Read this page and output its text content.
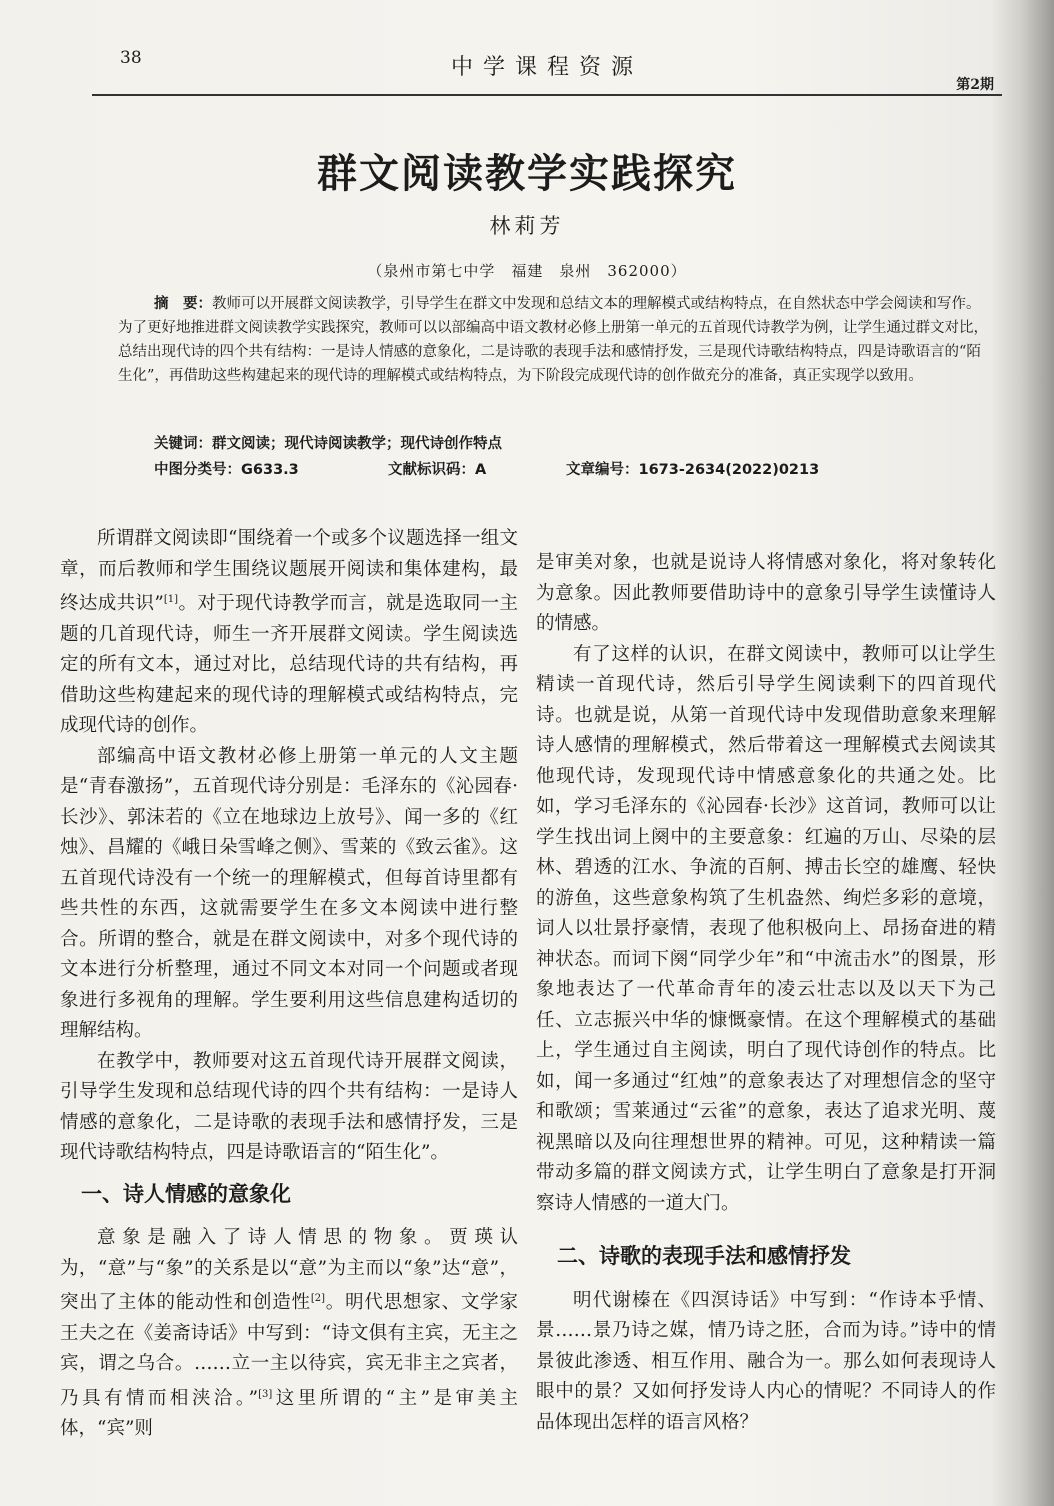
38	中学课程资源
第2期
群文阅读教学实践探究
林莉芳
（泉州市第七中学　福建　泉州　362000）

摘　要：教师可以开展群文阅读教学，引导学生在群文中发现和总结文本的理解模式或结构特点，在自然状态中学会阅读和写作。为了更好地推进群文阅读教学实践探究，教师可以以部编高中语文教材必修上册第一单元的五首现代诗教学为例，让学生通过群文对比，总结出现代诗的四个共有结构：一是诗人情感的意象化，二是诗歌的表现手法和感情抒发，三是现代诗歌结构特点，四是诗歌语言的“陌生化”，再借助这些构建起来的现代诗的理解模式或结构特点，为下阶段完成现代诗的创作做充分的准备，真正实现学以致用。

关键词：群文阅读；现代诗阅读教学；现代诗创作特点
中图分类号：G633.3	文献标识码：A	文章编号：1673-2634(2022)0213

所谓群文阅读即“围绕着一个或多个议题选择一组文章，而后教师和学生围绕议题展开阅读和集体建构，最终达成共识”[1]。对于现代诗教学而言，就是选取同一主题的几首现代诗，师生一齐开展群文阅读。学生阅读选定的所有文本，通过对比，总结现代诗的共有结构，再借助这些构建起来的现代诗的理解模式或结构特点，完成现代诗的创作。

部编高中语文教材必修上册第一单元的人文主题是“青春激扬”，五首现代诗分别是：毛泽东的《沁园春·长沙》、郭沫若的《立在地球边上放号》、闻一多的《红烛》、昌耀的《峨日朵雪峰之侧》、雪莱的《致云雀》。这五首现代诗没有一个统一的理解模式，但每首诗里都有些共性的东西，这就需要学生在多文本阅读中进行整合。所谓的整合，就是在群文阅读中，对多个现代诗的文本进行分析整理，通过不同文本对同一个问题或者现象进行多视角的理解。学生要利用这些信息建构适切的理解结构。

在教学中，教师要对这五首现代诗开展群文阅读，引导学生发现和总结现代诗的四个共有结构：一是诗人情感的意象化，二是诗歌的表现手法和感情抒发，三是现代诗歌结构特点，四是诗歌语言的“陌生化”。

一、诗人情感的意象化

意象是融入了诗人情思的物象。贾瑛认为，“意”与“象”的关系是以“意”为主而以“象”达“意”，突出了主体的能动性和创造性[2]。明代思想家、文学家王夫之在《姜斋诗话》中写到：“诗文俱有主宾，无主之宾，谓之乌合。……立一主以待宾，宾无非主之宾者，乃具有情而相浃洽。”[3]这里所谓的“主”是审美主体，“宾”则

是审美对象，也就是说诗人将情感对象化，将对象转化为意象。因此教师要借助诗中的意象引导学生读懂诗人的情感。

有了这样的认识，在群文阅读中，教师可以让学生精读一首现代诗，然后引导学生阅读剩下的四首现代诗。也就是说，从第一首现代诗中发现借助意象来理解诗人感情的理解模式，然后带着这一理解模式去阅读其他现代诗，发现现代诗中情感意象化的共通之处。比如，学习毛泽东的《沁园春·长沙》这首词，教师可以让学生找出词上阕中的主要意象：红遍的万山、尽染的层林、碧透的江水、争流的百舸、搏击长空的雄鹰、轻快的游鱼，这些意象构筑了生机盎然、绚烂多彩的意境，词人以壮景抒豪情，表现了他积极向上、昂扬奋进的精神状态。而词下阕“同学少年”和“中流击水”的图景，形象地表达了一代革命青年的凌云壮志以及以天下为己任、立志振兴中华的慷慨豪情。在这个理解模式的基础上，学生通过自主阅读，明白了现代诗创作的特点。比如，闻一多通过“红烛”的意象表达了对理想信念的坚守和歌颂；雪莱通过“云雀”的意象，表达了追求光明、蔑视黑暗以及向往理想世界的精神。可见，这种精读一篇带动多篇的群文阅读方式，让学生明白了意象是打开洞察诗人情感的一道大门。

二、诗歌的表现手法和感情抒发

明代谢榛在《四溟诗话》中写到：“作诗本乎情、景……景乃诗之媒，情乃诗之胚，合而为诗。”诗中的情景彼此渗透、相互作用、融合为一。那么如何表现诗人眼中的景？又如何抒发诗人内心的情呢？不同诗人的作品体现出怎样的语言风格？
